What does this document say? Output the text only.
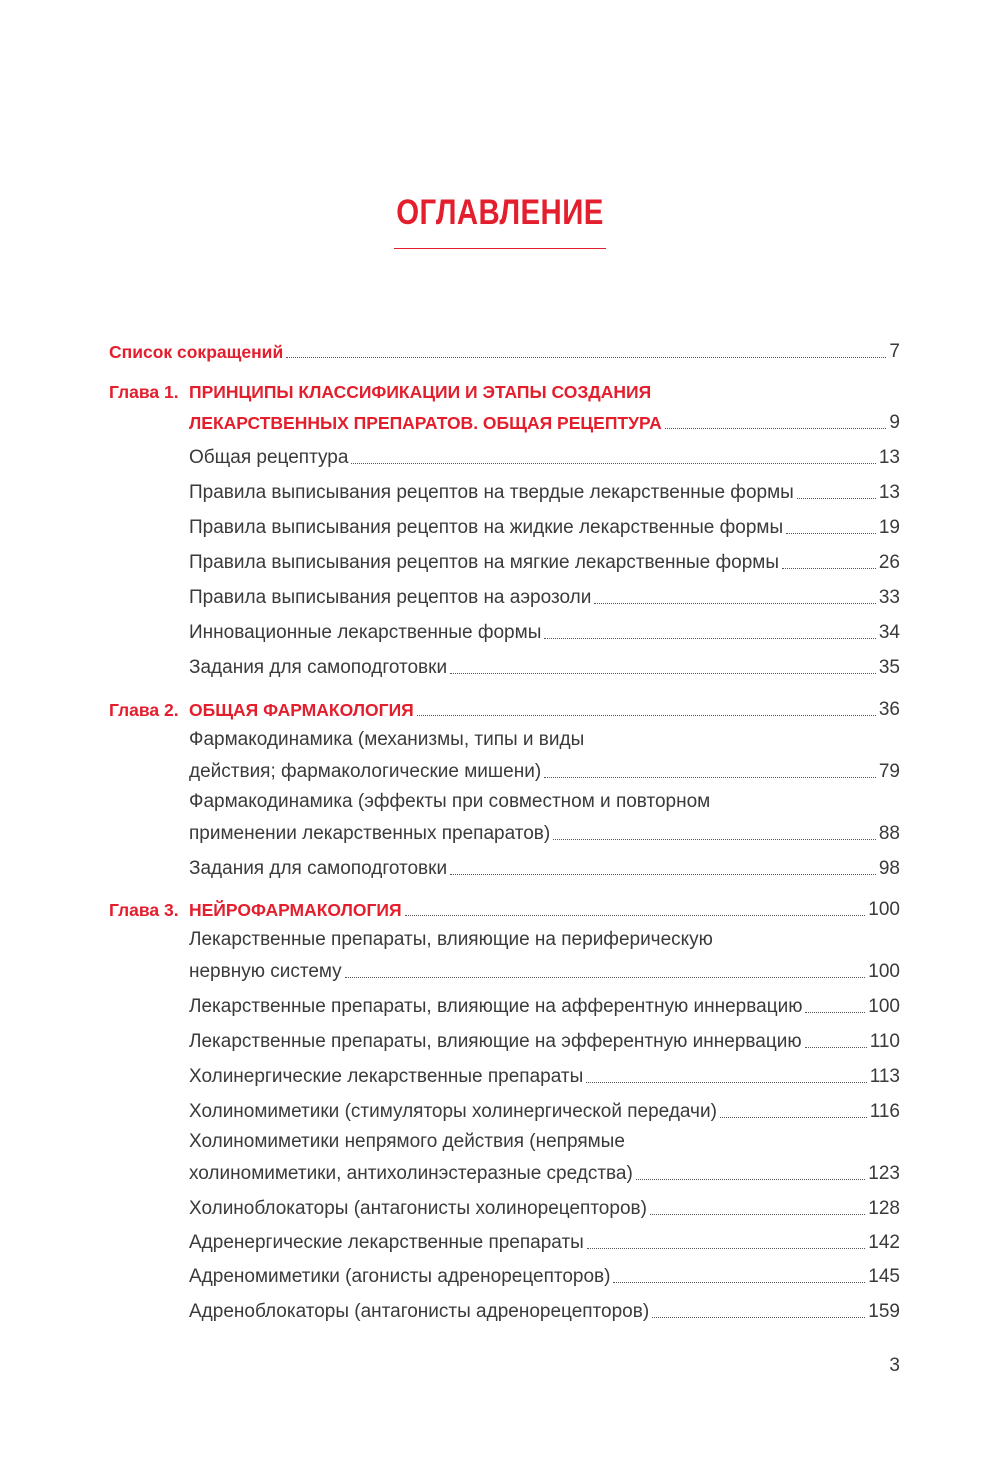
ОГЛАВЛЕНИЕ
Список сокращений	7
Глава 1. ПРИНЦИПЫ КЛАССИФИКАЦИИ И ЭТАПЫ СОЗДАНИЯ
ЛЕКАРСТВЕННЫХ ПРЕПАРАТОВ. ОБЩАЯ РЕЦЕПТУРА	9
Общая рецептура	13
Правила выписывания рецептов на твердые лекарственные формы	13
Правила выписывания рецептов на жидкие лекарственные формы	19
Правила выписывания рецептов на мягкие лекарственные формы	26
Правила выписывания рецептов на аэрозоли	33
Инновационные лекарственные формы	34
Задания для самоподготовки	35
Глава 2. ОБЩАЯ ФАРМАКОЛОГИЯ	36
Фармакодинамика (механизмы, типы и виды
действия; фармакологические мишени)	79
Фармакодинамика (эффекты при совместном и повторном
применении лекарственных препаратов)	88
Задания для самоподготовки	98
Глава 3. НЕЙРОФАРМАКОЛОГИЯ	100
Лекарственные препараты, влияющие на периферическую
нервную систему	100
Лекарственные препараты, влияющие на афферентную иннервацию	100
Лекарственные препараты, влияющие на эфферентную иннервацию	110
Холинергические лекарственные препараты	113
Холиномиметики (стимуляторы холинергической передачи)	116
Холиномиметики непрямого действия (непрямые
холиномиметики, антихолинэстеразные средства)	123
Холиноблокаторы (антагонисты холинорецепторов)	128
Адренергические лекарственные препараты	142
Адреномиметики (агонисты адренорецепторов)	145
Адреноблокаторы (антагонисты адренорецепторов)	159
3
